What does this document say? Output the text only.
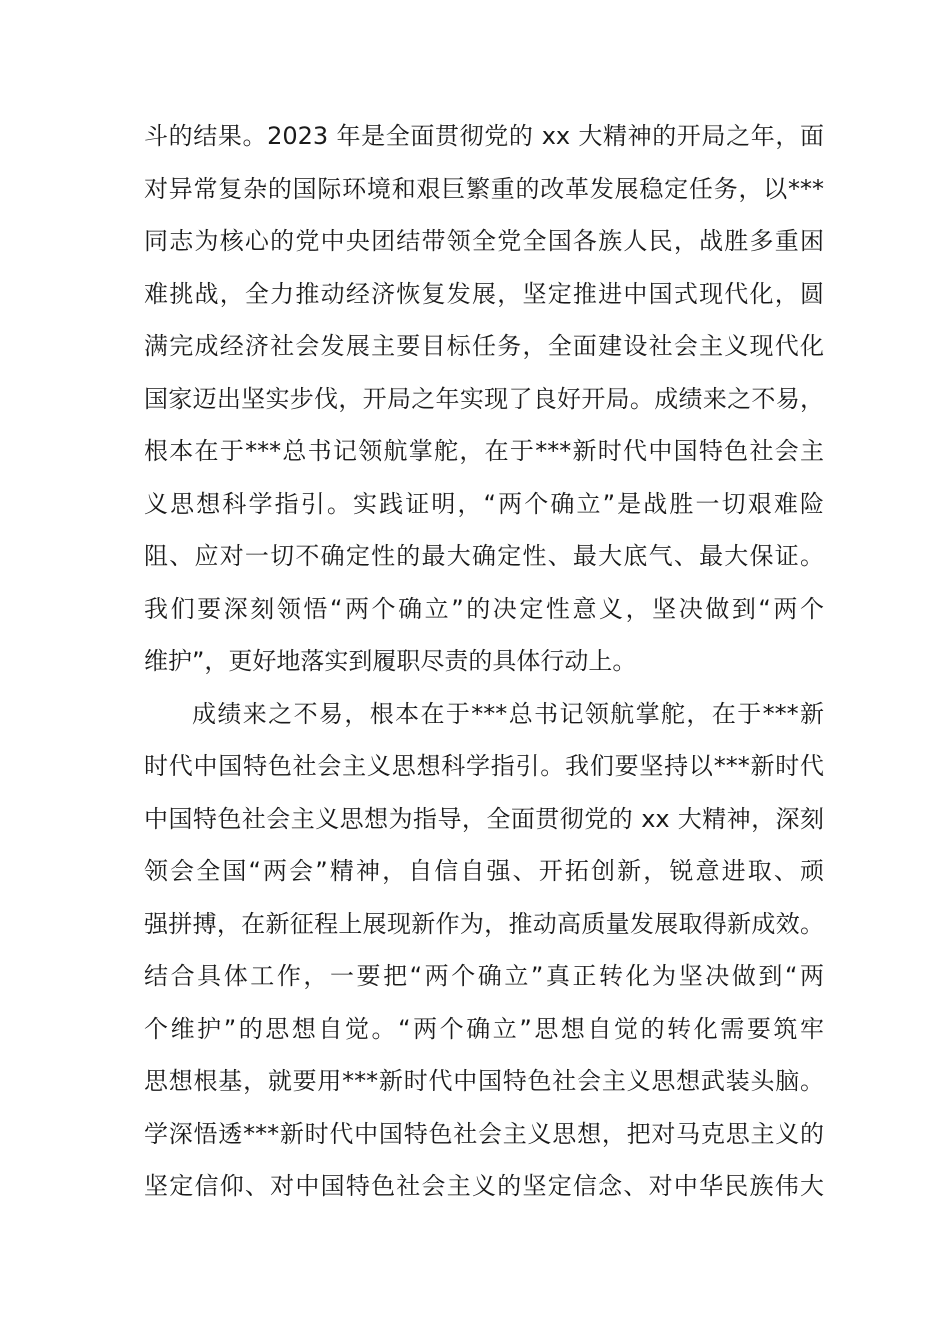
斗的结果。2023 年是全面贯彻党的 xx 大精神的开局之年，面
对异常复杂的国际环境和艰巨繁重的改革发展稳定任务，以***
同志为核心的党中央团结带领全党全国各族人民，战胜多重困
难挑战，全力推动经济恢复发展，坚定推进中国式现代化，圆
满完成经济社会发展主要目标任务，全面建设社会主义现代化
国家迈出坚实步伐，开局之年实现了良好开局。成绩来之不易，
根本在于***总书记领航掌舵，在于***新时代中国特色社会主
义思想科学指引。实践证明，“两个确立”是战胜一切艰难险
阻、应对一切不确定性的最大确定性、最大底气、最大保证。
我们要深刻领悟“两个确立”的决定性意义，坚决做到“两个
维护”，更好地落实到履职尽责的具体行动上。
成绩来之不易，根本在于***总书记领航掌舵，在于***新
时代中国特色社会主义思想科学指引。我们要坚持以***新时代
中国特色社会主义思想为指导，全面贯彻党的 xx 大精神，深刻
领会全国“两会”精神，自信自强、开拓创新，锐意进取、顽
强拼搏，在新征程上展现新作为，推动高质量发展取得新成效。
结合具体工作，一要把“两个确立”真正转化为坚决做到“两
个维护”的思想自觉。“两个确立”思想自觉的转化需要筑牢
思想根基，就要用***新时代中国特色社会主义思想武装头脑。
学深悟透***新时代中国特色社会主义思想，把对马克思主义的
坚定信仰、对中国特色社会主义的坚定信念、对中华民族伟大
